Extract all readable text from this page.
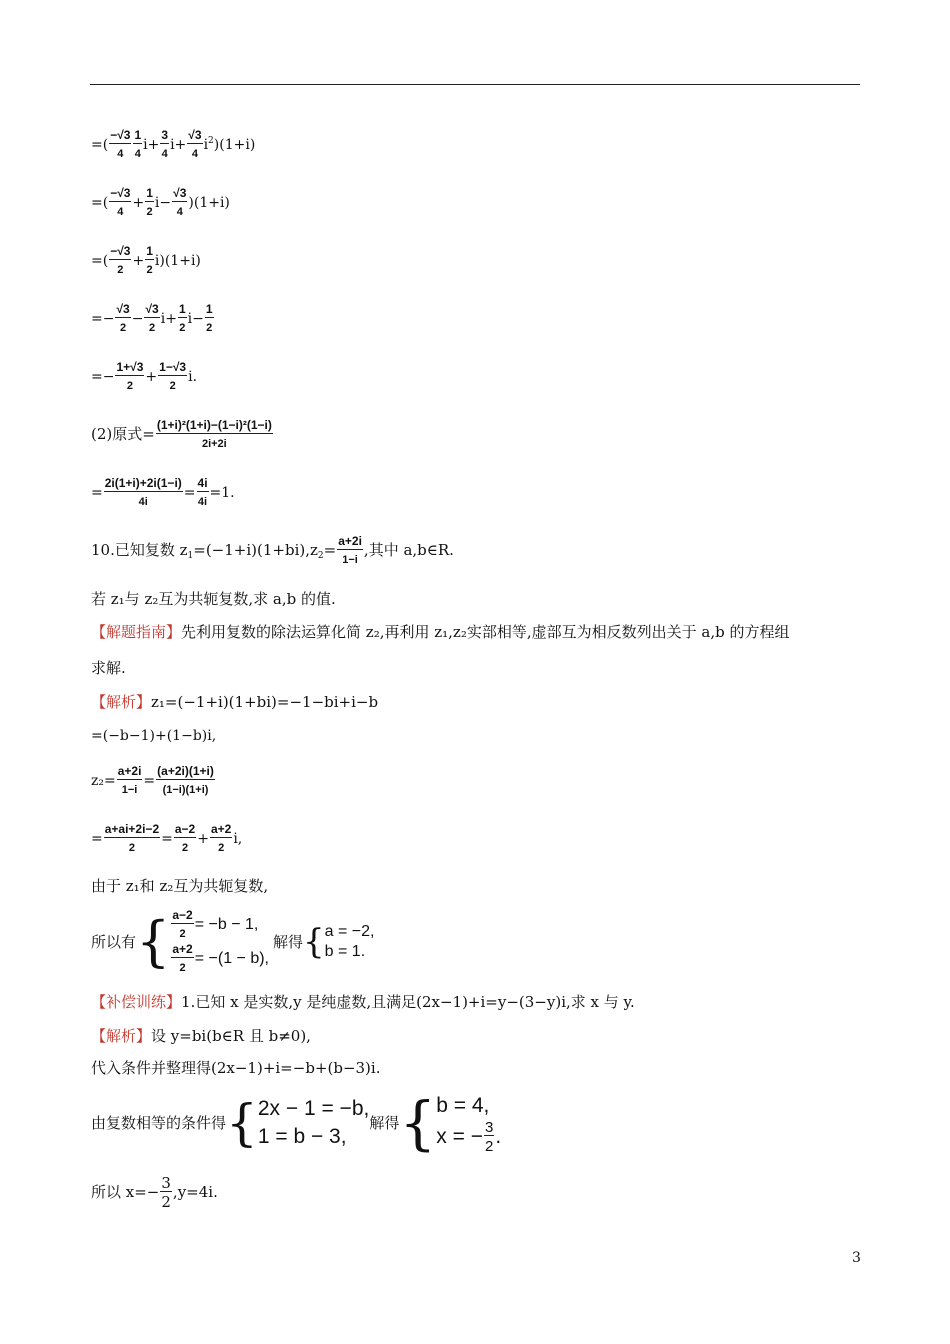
=( $\frac{-√3}{4} \frac{1}{4} i+ \frac{3}{4} i+ \frac{√3}{4} i^2)(1+i)$
=( $\frac{-√3}{4} + \frac{1}{2} i- \frac{√3}{4} )(1+i)$
=( $\frac{-√3}{2} + \frac{1}{2} i)(1+i)$
=− $\frac{√3}{2} - \frac{√3}{2} i+ \frac{1}{2} i- \frac{1}{2}$
=− $\frac{1+√3}{2} + \frac{1-√3}{2} i$.
(2)原式= $\frac{\text{(1+i)²(1+i)−(1−i)²(1−i)}}{2i+2i}$
= $\frac{2i(1+i)+2i(1-i)}{4i} = \frac{4i}{4i} =1$.
10.已知复数 $z_1=(-1+i)(1+bi),z_2= \frac{a+2i}{1-i}$ ,其中 a,b∈R.
若 z₁与 z₂互为共轭复数,求 a,b 的值.
【解题指南】先利用复数的除法运算化简 z₂,再利用 z₁,z₂实部相等,虚部互为相反数列出关于 a,b 的方程组
求解.
【解析】z₁=(−1+i)(1+bi)=−1−bi+i−b
=(−b−1)+(1−b)i,
$z_2= \frac{a+2i}{1-i} = \frac{(a+2i)(1+i)}{(1-i)(1+i)}$
= $\frac{a+ai+2i-2}{2} = \frac{a-2}{2} + \frac{a+2}{2} i$,
由于 z₁和 z₂互为共轭复数,
所以有 { $\frac{a-2}{2} = -b - 1$,
$\frac{a+2}{2} = -(1 - b)$,
解得 { a = −2,
b = 1.
【补偿训练】1.已知 x 是实数,y 是纯虚数,且满足(2x−1)+i=y−(3−y)i,求 x 与 y.
【解析】设 y=bi(b∈R 且 b≠0),
代入条件并整理得(2x−1)+i=−b+(b−3)i.
由复数相等的条件得 { 2x − 1 = −b,
1 = b − 3,
解得 { b = 4,
x = − $\frac{3}{2}$ .
所以 $x=- \frac{3}{2} ,y=4i$.
3
